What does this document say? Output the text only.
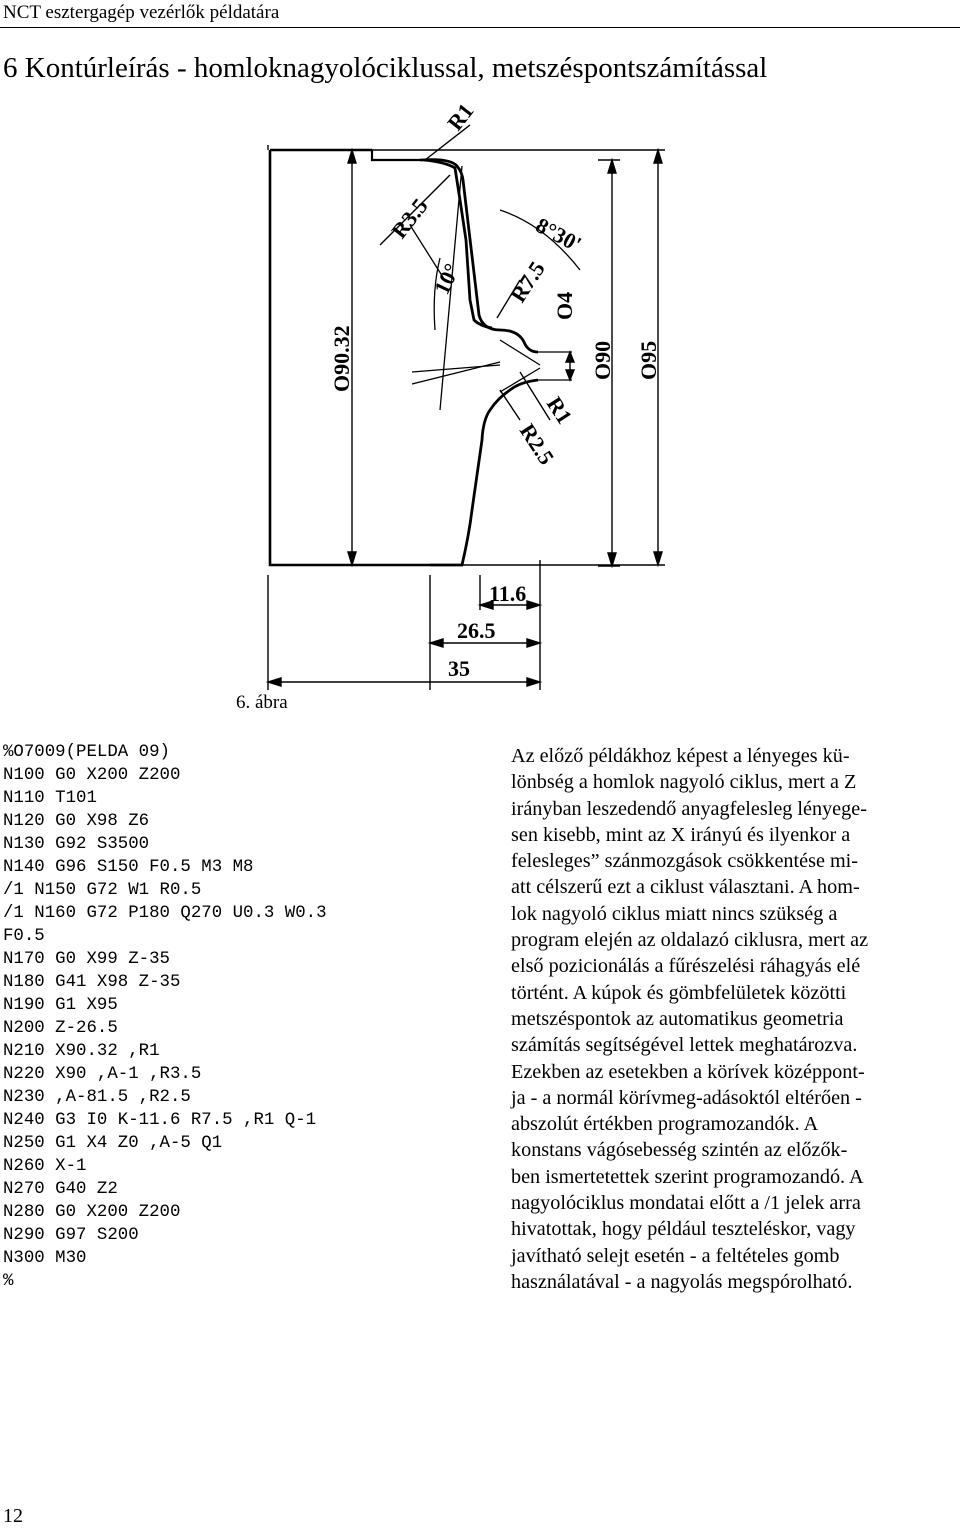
NCT esztergagép vezérlők példatára
6 Kontúrleírás - homloknagyolóciklussal, metszéspontszámítással
R1
R3.5	8°30'
10° R7.5 O4
O90.32	O90 O95
R1
R2.5
11.6
26.5
35
6. ábra
%O7009(PELDA 09)
N100 G0 X200 Z200
N110 T101
N120 G0 X98 Z6
N130 G92 S3500
N140 G96 S150 F0.5 M3 M8
/1 N150 G72 W1 R0.5
/1 N160 G72 P180 Q270 U0.3 W0.3
F0.5
N170 G0 X99 Z-35
N180 G41 X98 Z-35
N190 G1 X95
N200 Z-26.5
N210 X90.32 ,R1
N220 X90 ,A-1 ,R3.5
N230 ,A-81.5 ,R2.5
N240 G3 I0 K-11.6 R7.5 ,R1 Q-1
N250 G1 X4 Z0 ,A-5 Q1
N260 X-1
N270 G40 Z2
N280 G0 X200 Z200
N290 G97 S200
N300 M30
%
Az előző példákhoz képest a lényeges kü-
lönbség a homlok nagyoló ciklus, mert a Z
irányban leszedendő anyagfelesleg lényege-
sen kisebb, mint az X irányú és ilyenkor a
felesleges” szánmozgások csökkentése mi-
att célszerű ezt a ciklust választani. A hom-
lok nagyoló ciklus miatt nincs szükség a
program elején az oldalazó ciklusra, mert az
első pozicionálás a fűrészelési ráhagyás elé
történt. A kúpok és gömbfelületek közötti
metszéspontok az automatikus geometria
számítás segítségével lettek meghatározva.
Ezekben az esetekben a körívek középpont-
ja - a normál körívmeg-adásoktól eltérően -
abszolút értékben programozandók. A
konstans vágósebesség szintén az előzők-
ben ismertetettek szerint programozandó. A
nagyolóciklus mondatai előtt a /1 jelek arra
hivatottak, hogy például teszteléskor, vagy
javítható selejt esetén - a feltételes gomb
használatával - a nagyolás megspórolható.
12
